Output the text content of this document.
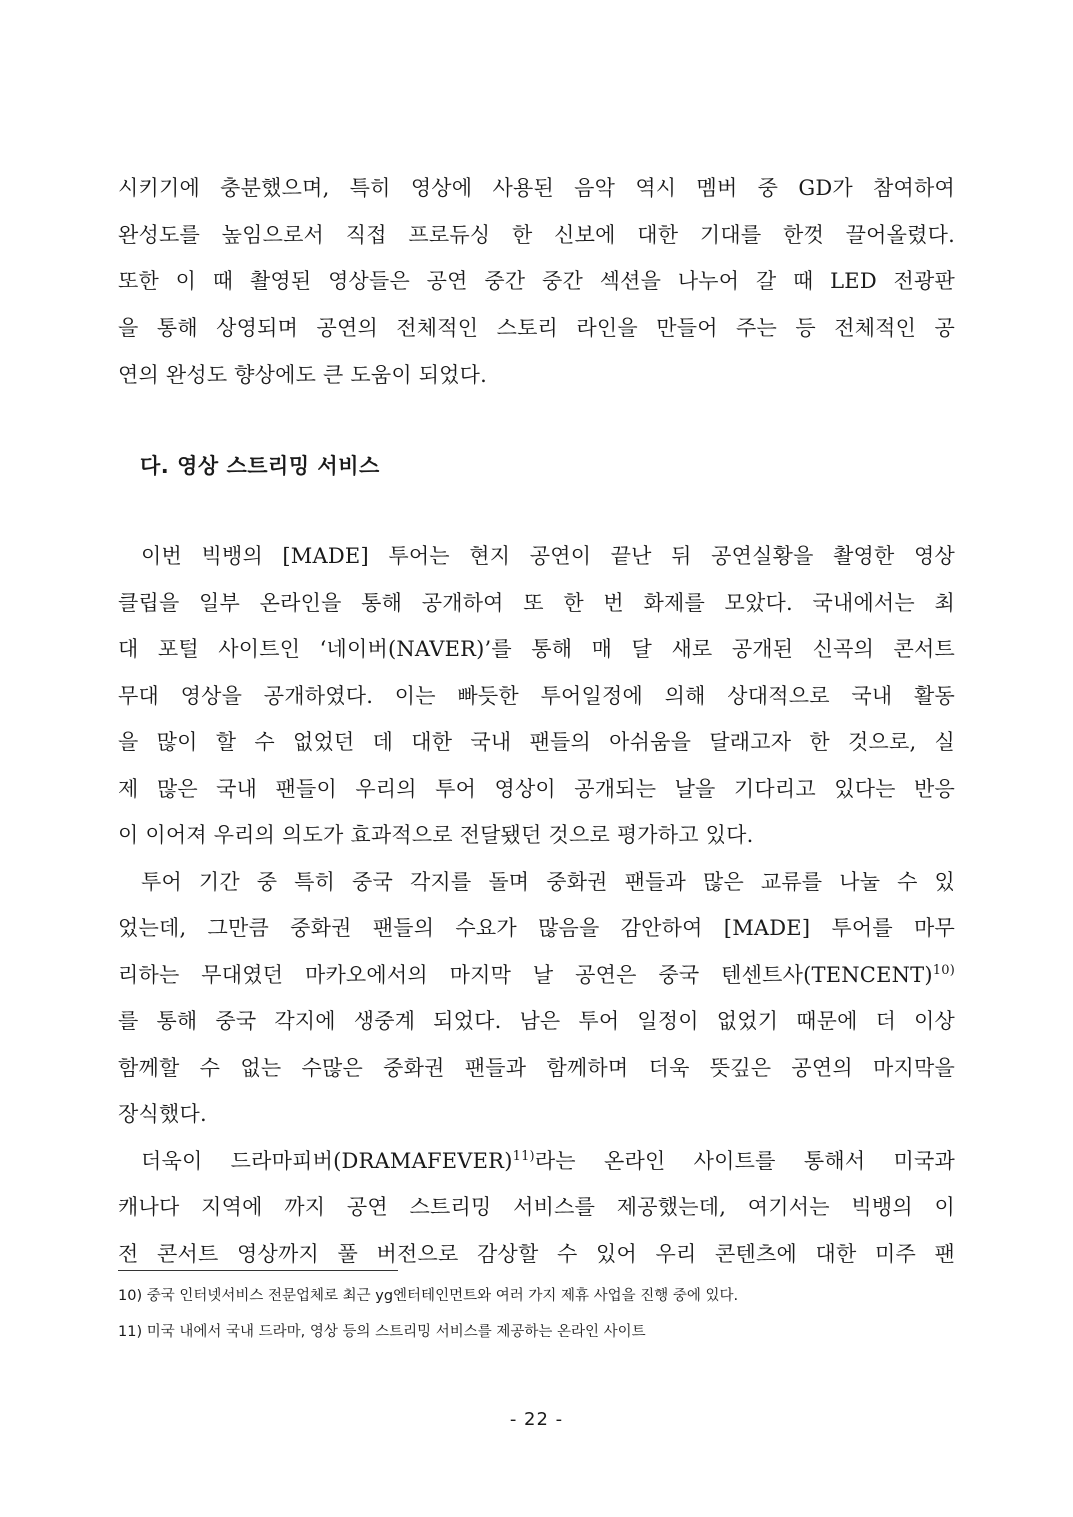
시키기에 충분했으며, 특히 영상에 사용된 음악 역시 멤버 중 GD가 참여하여
완성도를 높임으로서 직접 프로듀싱 한 신보에 대한 기대를 한껏 끌어올렸다.
또한 이 때 촬영된 영상들은 공연 중간 중간 섹션을 나누어 갈 때 LED 전광판
을 통해 상영되며 공연의 전체적인 스토리 라인을 만들어 주는 등 전체적인 공
연의 완성도 향상에도 큰 도움이 되었다.
다. 영상 스트리밍 서비스
이번 빅뱅의 [MADE] 투어는 현지 공연이 끝난 뒤 공연실황을 촬영한 영상
클립을 일부 온라인을 통해 공개하여 또 한 번 화제를 모았다. 국내에서는 최
대 포털 사이트인 ‘네이버(NAVER)’를 통해 매 달 새로 공개된 신곡의 콘서트
무대 영상을 공개하였다. 이는 빠듯한 투어일정에 의해 상대적으로 국내 활동
을 많이 할 수 없었던 데 대한 국내 팬들의 아쉬움을 달래고자 한 것으로, 실
제 많은 국내 팬들이 우리의 투어 영상이 공개되는 날을 기다리고 있다는 반응
이 이어져 우리의 의도가 효과적으로 전달됐던 것으로 평가하고 있다.
투어 기간 중 특히 중국 각지를 돌며 중화권 팬들과 많은 교류를 나눌 수 있
었는데, 그만큼 중화권 팬들의 수요가 많음을 감안하여 [MADE] 투어를 마무
리하는 무대였던 마카오에서의 마지막 날 공연은 중국 텐센트사(TENCENT)$^{10)}$
를 통해 중국 각지에 생중계 되었다. 남은 투어 일정이 없었기 때문에 더 이상
함께할 수 없는 수많은 중화권 팬들과 함께하며 더욱 뜻깊은 공연의 마지막을
장식했다.
더욱이 드라마피버(DRAMAFEVER)$^{11)}$라는 온라인 사이트를 통해서 미국과
캐나다 지역에 까지 공연 스트리밍 서비스를 제공했는데, 여기서는 빅뱅의 이
전 콘서트 영상까지 풀 버전으로 감상할 수 있어 우리 콘텐츠에 대한 미주 팬
10) 중국 인터넷서비스 전문업체로 최근 yg엔터테인먼트와 여러 가지 제휴 사업을 진행 중에 있다.
11) 미국 내에서 국내 드라마, 영상 등의 스트리밍 서비스를 제공하는 온라인 사이트
- 22 -
